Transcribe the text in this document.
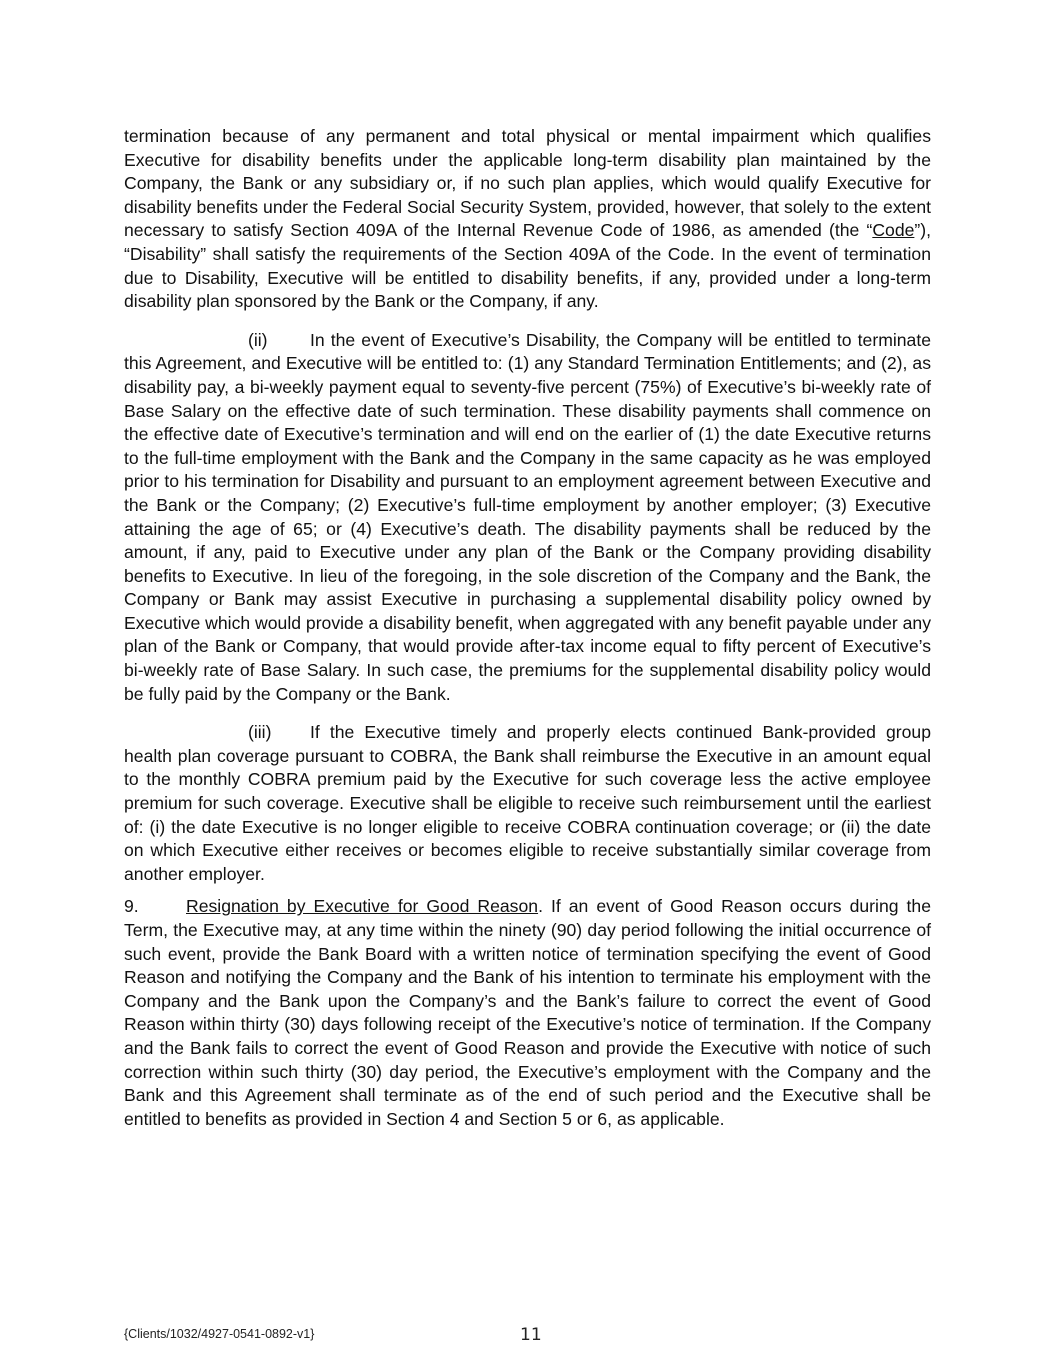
termination because of any permanent and total physical or mental impairment which qualifies Executive for disability benefits under the applicable long-term disability plan maintained by the Company, the Bank or any subsidiary or, if no such plan applies, which would qualify Executive for disability benefits under the Federal Social Security System, provided, however, that solely to the extent necessary to satisfy Section 409A of the Internal Revenue Code of 1986, as amended (the “Code”), “Disability” shall satisfy the requirements of the Section 409A of the Code. In the event of termination due to Disability, Executive will be entitled to disability benefits, if any, provided under a long-term disability plan sponsored by the Bank or the Company, if any.

(ii) In the event of Executive’s Disability, the Company will be entitled to terminate this Agreement, and Executive will be entitled to: (1) any Standard Termination Entitlements; and (2), as disability pay, a bi-weekly payment equal to seventy-five percent (75%) of Executive’s bi-weekly rate of Base Salary on the effective date of such termination. These disability payments shall commence on the effective date of Executive’s termination and will end on the earlier of (1) the date Executive returns to the full-time employment with the Bank and the Company in the same capacity as he was employed prior to his termination for Disability and pursuant to an employment agreement between Executive and the Bank or the Company; (2) Executive’s full-time employment by another employer; (3) Executive attaining the age of 65; or (4) Executive’s death. The disability payments shall be reduced by the amount, if any, paid to Executive under any plan of the Bank or the Company providing disability benefits to Executive. In lieu of the foregoing, in the sole discretion of the Company and the Bank, the Company or Bank may assist Executive in purchasing a supplemental disability policy owned by Executive which would provide a disability benefit, when aggregated with any benefit payable under any plan of the Bank or Company, that would provide after-tax income equal to fifty percent of Executive’s bi-weekly rate of Base Salary. In such case, the premiums for the supplemental disability policy would be fully paid by the Company or the Bank.

(iii) If the Executive timely and properly elects continued Bank-provided group health plan coverage pursuant to COBRA, the Bank shall reimburse the Executive in an amount equal to the monthly COBRA premium paid by the Executive for such coverage less the active employee premium for such coverage. Executive shall be eligible to receive such reimbursement until the earliest of: (i) the date Executive is no longer eligible to receive COBRA continuation coverage; or (ii) the date on which Executive either receives or becomes eligible to receive substantially similar coverage from another employer.

9.	Resignation by Executive for Good Reason. If an event of Good Reason occurs during the Term, the Executive may, at any time within the ninety (90) day period following the initial occurrence of such event, provide the Bank Board with a written notice of termination specifying the event of Good Reason and notifying the Company and the Bank of his intention to terminate his employment with the Company and the Bank upon the Company’s and the Bank’s failure to correct the event of Good Reason within thirty (30) days following receipt of the Executive’s notice of termination. If the Company and the Bank fails to correct the event of Good Reason and provide the Executive with notice of such correction within such thirty (30) day period, the Executive’s employment with the Company and the Bank and this Agreement shall terminate as of the end of such period and the Executive shall be entitled to benefits as provided in Section 4 and Section 5 or 6, as applicable.

{Clients/1032/4927-0541-0892-v1}	11
